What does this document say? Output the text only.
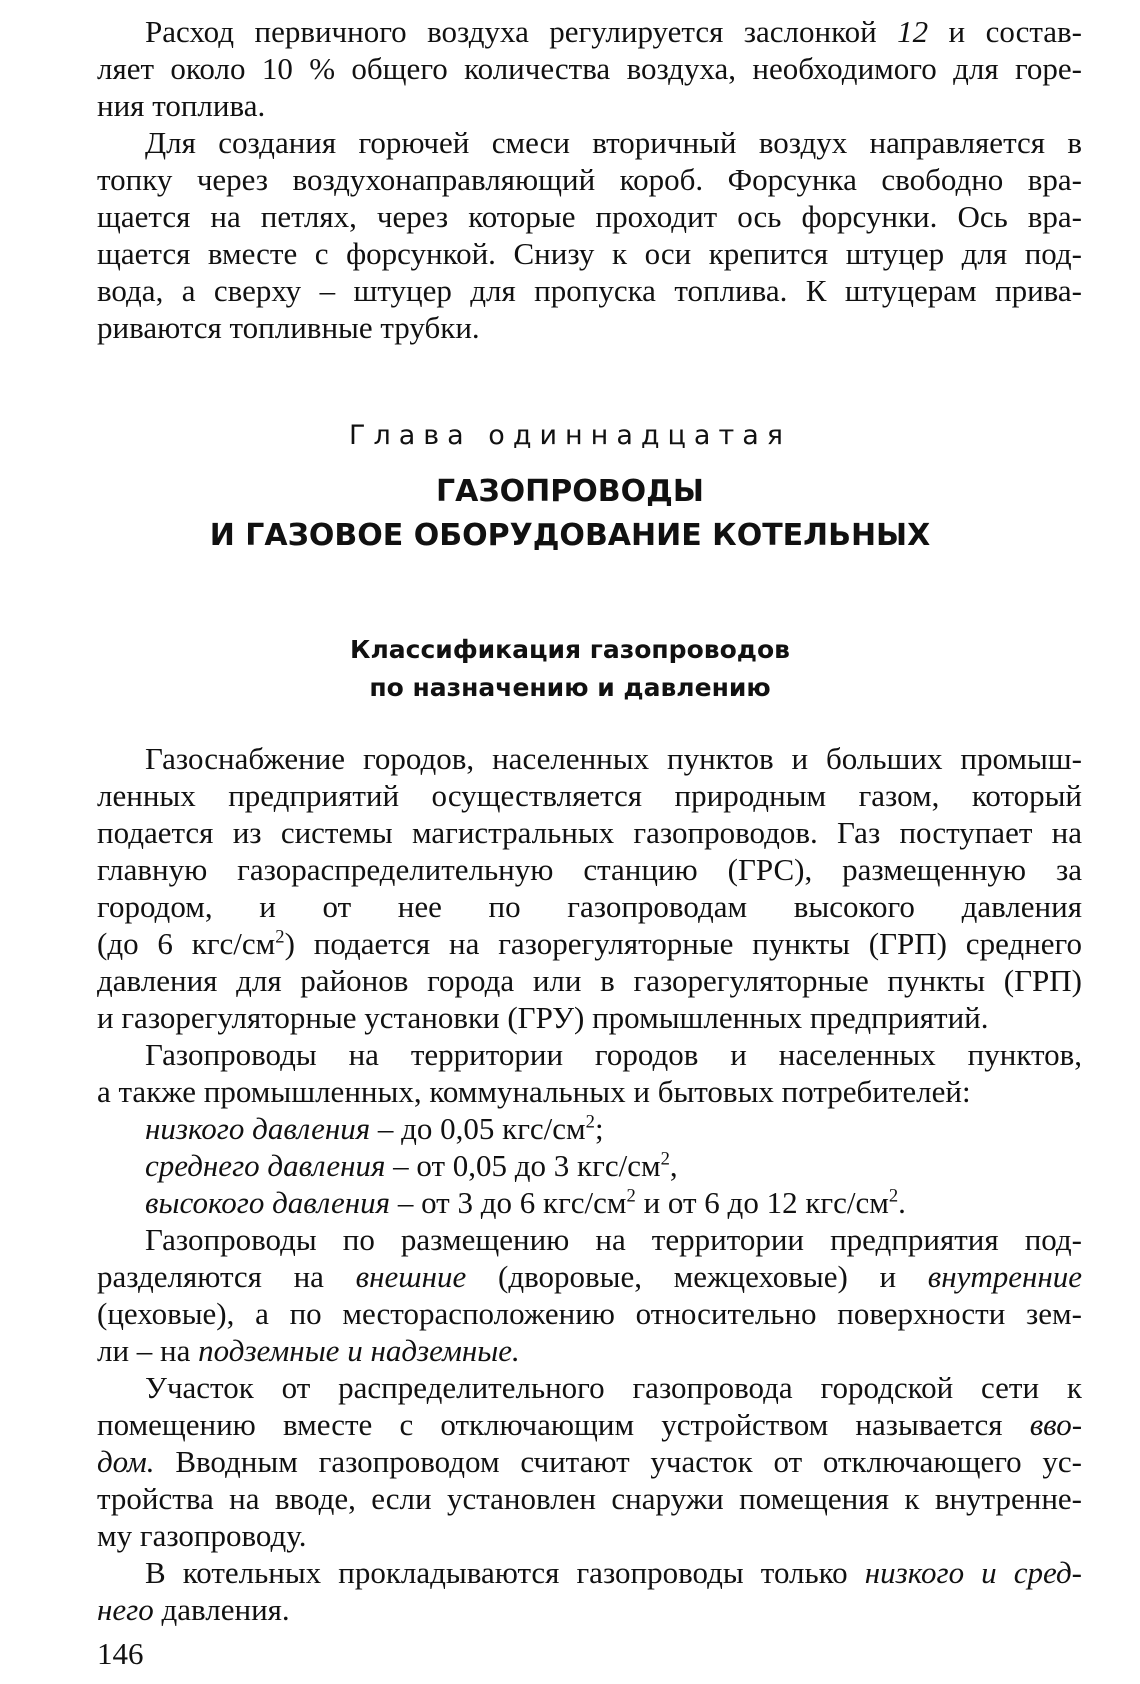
Расход первичного воздуха регулируется заслонкой 12 и состав-
ляет около 10 % общего количества воздуха, необходимого для горе-
ния топлива.
Для создания горючей смеси вторичный воздух направляется в
топку через воздухонаправляющий короб. Форсунка свободно вра-
щается на петлях, через которые проходит ось форсунки. Ось вра-
щается вместе с форсункой. Снизу к оси крепится штуцер для под-
вода, а сверху – штуцер для пропуска топлива. К штуцерам прива-
риваются топливные трубки.
Глава одиннадцатая
ГАЗОПРОВОДЫ
И ГАЗОВОЕ ОБОРУДОВАНИЕ КОТЕЛЬНЫХ
Классификация газопроводов
по назначению и давлению
Газоснабжение городов, населенных пунктов и больших промыш-
ленных предприятий осуществляется природным газом, который
подается из системы магистральных газопроводов. Газ поступает на
главную газораспределительную станцию (ГРС), размещенную за
городом, и от нее по газопроводам высокого давления
(до 6 кгс/$см^2$) подается на газорегуляторные пункты (ГРП) среднего
давления для районов города или в газорегуляторные пункты (ГРП)
и газорегуляторные установки (ГРУ) промышленных предприятий.
Газопроводы на территории городов и населенных пунктов,
а также промышленных, коммунальных и бытовых потребителей:
низкого давления – до 0,05 кгс/$см^2$;
среднего давления – от 0,05 до 3 кгс/$см^2$,
высокого давления – от 3 до 6 кгс/$см^2$ и от 6 до 12 кгс/$см^2$.
Газопроводы по размещению на территории предприятия под-
разделяются на внешние (дворовые, межцеховые) и внутренние
(цеховые), а по месторасположению относительно поверхности зем-
ли – на подземные и надземные.
Участок от распределительного газопровода городской сети к
помещению вместе с отключающим устройством называется вво-
дом. Вводным газопроводом считают участок от отключающего ус-
тройства на вводе, если установлен снаружи помещения к внутренне-
му газопроводу.
В котельных прокладываются газопроводы только низкого и сред-
него давления.
146
